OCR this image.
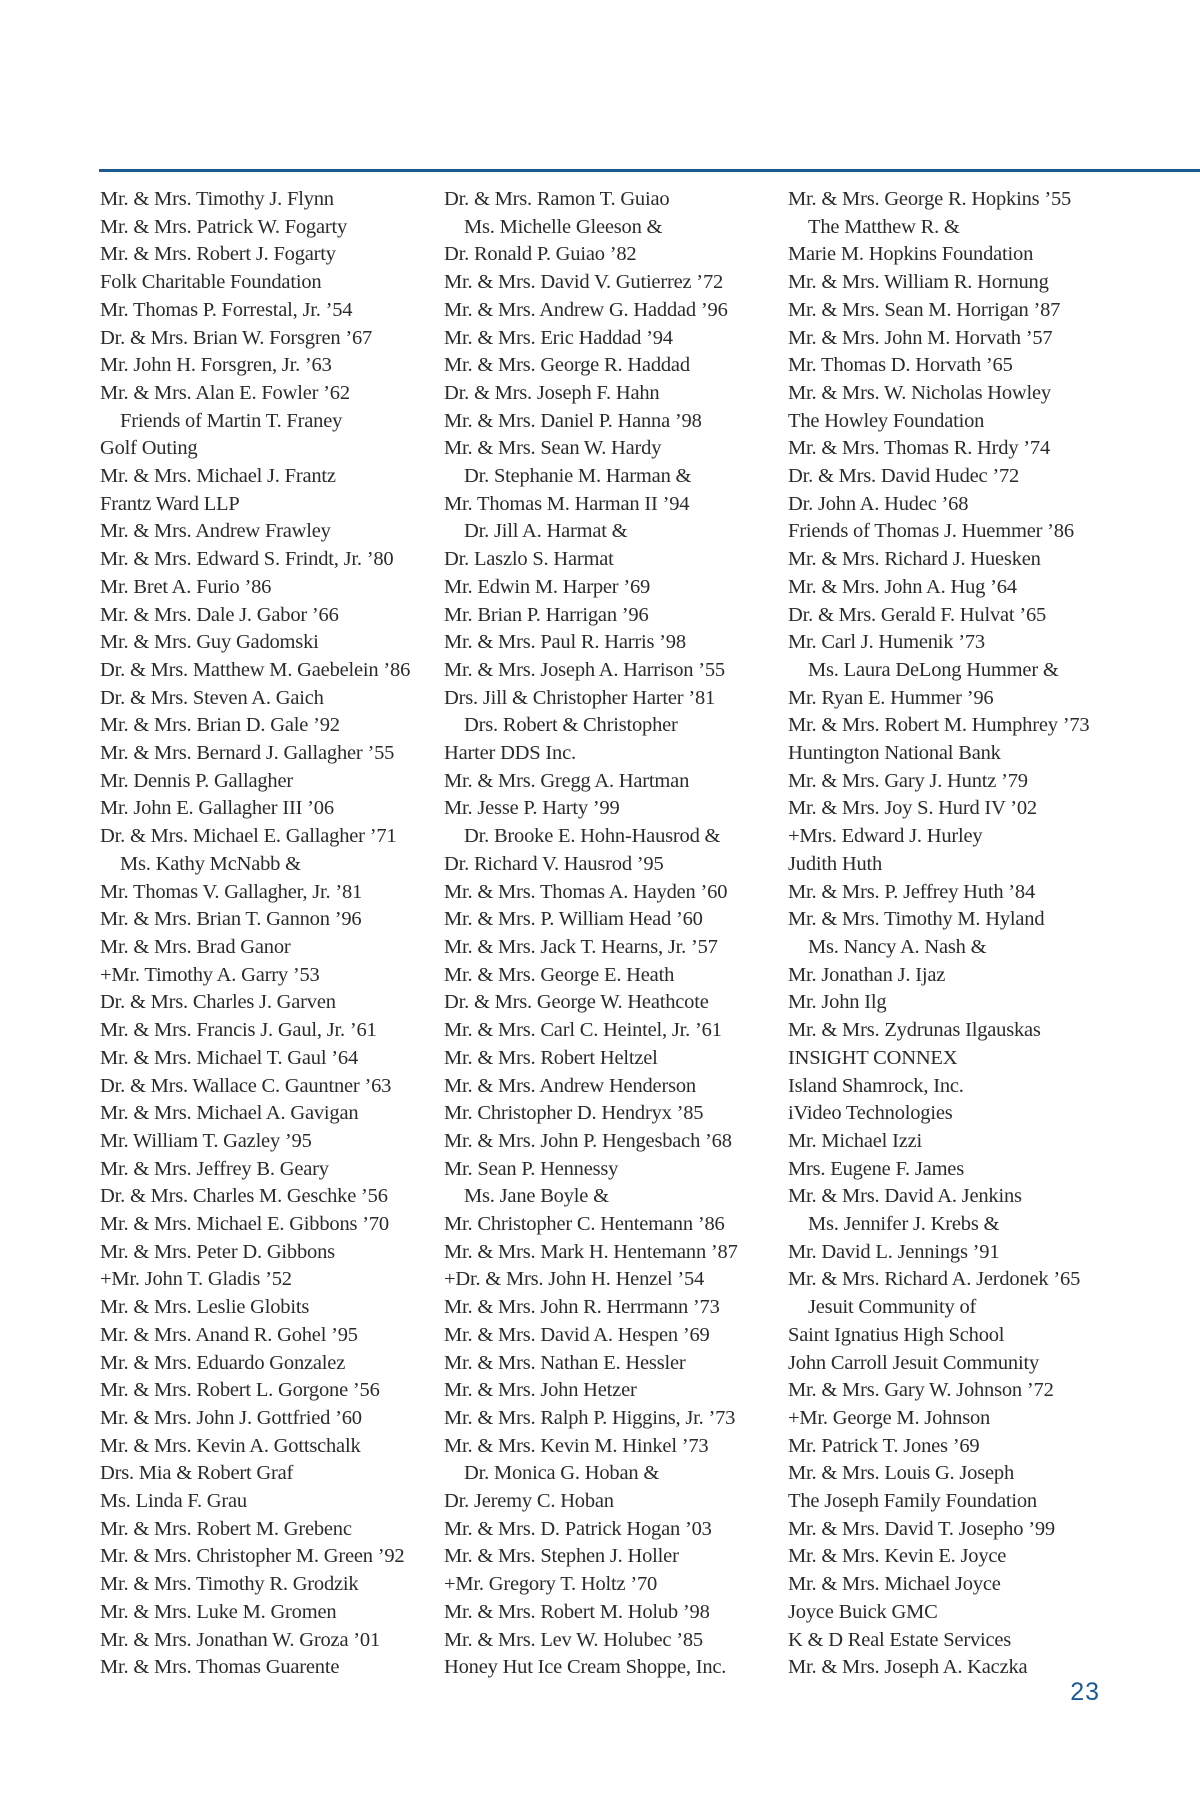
Mr. & Mrs. Timothy J. Flynn
Mr. & Mrs. Patrick W. Fogarty
Mr. & Mrs. Robert J. Fogarty
Folk Charitable Foundation
Mr. Thomas P. Forrestal, Jr. ’54
Dr. & Mrs. Brian W. Forsgren ’67
Mr. John H. Forsgren, Jr. ’63
Mr. & Mrs. Alan E. Fowler ’62
Friends of Martin T. Franey
Golf Outing
Mr. & Mrs. Michael J. Frantz
Frantz Ward LLP
Mr. & Mrs. Andrew Frawley
Mr. & Mrs. Edward S. Frindt, Jr. ’80
Mr. Bret A. Furio ’86
Mr. & Mrs. Dale J. Gabor ’66
Mr. & Mrs. Guy Gadomski
Dr. & Mrs. Matthew M. Gaebelein ’86
Dr. & Mrs. Steven A. Gaich
Mr. & Mrs. Brian D. Gale ’92
Mr. & Mrs. Bernard J. Gallagher ’55
Mr. Dennis P. Gallagher
Mr. John E. Gallagher III ’06
Dr. & Mrs. Michael E. Gallagher ’71
Ms. Kathy McNabb &
Mr. Thomas V. Gallagher, Jr. ’81
Mr. & Mrs. Brian T. Gannon ’96
Mr. & Mrs. Brad Ganor
+Mr. Timothy A. Garry ’53
Dr. & Mrs. Charles J. Garven
Mr. & Mrs. Francis J. Gaul, Jr. ’61
Mr. & Mrs. Michael T. Gaul ’64
Dr. & Mrs. Wallace C. Gauntner ’63
Mr. & Mrs. Michael A. Gavigan
Mr. William T. Gazley ’95
Mr. & Mrs. Jeffrey B. Geary
Dr. & Mrs. Charles M. Geschke ’56
Mr. & Mrs. Michael E. Gibbons ’70
Mr. & Mrs. Peter D. Gibbons
+Mr. John T. Gladis ’52
Mr. & Mrs. Leslie Globits
Mr. & Mrs. Anand R. Gohel ’95
Mr. & Mrs. Eduardo Gonzalez
Mr. & Mrs. Robert L. Gorgone ’56
Mr. & Mrs. John J. Gottfried ’60
Mr. & Mrs. Kevin A. Gottschalk
Drs. Mia & Robert Graf
Ms. Linda F. Grau
Mr. & Mrs. Robert M. Grebenc
Mr. & Mrs. Christopher M. Green ’92
Mr. & Mrs. Timothy R. Grodzik
Mr. & Mrs. Luke M. Gromen
Mr. & Mrs. Jonathan W. Groza ’01
Mr. & Mrs. Thomas Guarente
Dr. & Mrs. Ramon T. Guiao
Ms. Michelle Gleeson &
Dr. Ronald P. Guiao ’82
Mr. & Mrs. David V. Gutierrez ’72
Mr. & Mrs. Andrew G. Haddad ’96
Mr. & Mrs. Eric Haddad ’94
Mr. & Mrs. George R. Haddad
Dr. & Mrs. Joseph F. Hahn
Mr. & Mrs. Daniel P. Hanna ’98
Mr. & Mrs. Sean W. Hardy
Dr. Stephanie M. Harman &
Mr. Thomas M. Harman II ’94
Dr. Jill A. Harmat &
Dr. Laszlo S. Harmat
Mr. Edwin M. Harper ’69
Mr. Brian P. Harrigan ’96
Mr. & Mrs. Paul R. Harris ’98
Mr. & Mrs. Joseph A. Harrison ’55
Drs. Jill & Christopher Harter ’81
Drs. Robert & Christopher
Harter DDS Inc.
Mr. & Mrs. Gregg A. Hartman
Mr. Jesse P. Harty ’99
Dr. Brooke E. Hohn-Hausrod &
Dr. Richard V. Hausrod ’95
Mr. & Mrs. Thomas A. Hayden ’60
Mr. & Mrs. P. William Head ’60
Mr. & Mrs. Jack T. Hearns, Jr. ’57
Mr. & Mrs. George E. Heath
Dr. & Mrs. George W. Heathcote
Mr. & Mrs. Carl C. Heintel, Jr. ’61
Mr. & Mrs. Robert Heltzel
Mr. & Mrs. Andrew Henderson
Mr. Christopher D. Hendryx ’85
Mr. & Mrs. John P. Hengesbach ’68
Mr. Sean P. Hennessy
Ms. Jane Boyle &
Mr. Christopher C. Hentemann ’86
Mr. & Mrs. Mark H. Hentemann ’87
+Dr. & Mrs. John H. Henzel ’54
Mr. & Mrs. John R. Herrmann ’73
Mr. & Mrs. David A. Hespen ’69
Mr. & Mrs. Nathan E. Hessler
Mr. & Mrs. John Hetzer
Mr. & Mrs. Ralph P. Higgins, Jr. ’73
Mr. & Mrs. Kevin M. Hinkel ’73
Dr. Monica G. Hoban &
Dr. Jeremy C. Hoban
Mr. & Mrs. D. Patrick Hogan ’03
Mr. & Mrs. Stephen J. Holler
+Mr. Gregory T. Holtz ’70
Mr. & Mrs. Robert M. Holub ’98
Mr. & Mrs. Lev W. Holubec ’85
Honey Hut Ice Cream Shoppe, Inc.
Mr. & Mrs. George R. Hopkins ’55
The Matthew R. &
Marie M. Hopkins Foundation
Mr. & Mrs. William R. Hornung
Mr. & Mrs. Sean M. Horrigan ’87
Mr. & Mrs. John M. Horvath ’57
Mr. Thomas D. Horvath ’65
Mr. & Mrs. W. Nicholas Howley
The Howley Foundation
Mr. & Mrs. Thomas R. Hrdy ’74
Dr. & Mrs. David Hudec ’72
Dr. John A. Hudec ’68
Friends of Thomas J. Huemmer ’86
Mr. & Mrs. Richard J. Huesken
Mr. & Mrs. John A. Hug ’64
Dr. & Mrs. Gerald F. Hulvat ’65
Mr. Carl J. Humenik ’73
Ms. Laura DeLong Hummer &
Mr. Ryan E. Hummer ’96
Mr. & Mrs. Robert M. Humphrey ’73
Huntington National Bank
Mr. & Mrs. Gary J. Huntz ’79
Mr. & Mrs. Joy S. Hurd IV ’02
+Mrs. Edward J. Hurley
Judith Huth
Mr. & Mrs. P. Jeffrey Huth ’84
Mr. & Mrs. Timothy M. Hyland
Ms. Nancy A. Nash &
Mr. Jonathan J. Ijaz
Mr. John Ilg
Mr. & Mrs. Zydrunas Ilgauskas
INSIGHT CONNEX
Island Shamrock, Inc.
iVideo Technologies
Mr. Michael Izzi
Mrs. Eugene F. James
Mr. & Mrs. David A. Jenkins
Ms. Jennifer J. Krebs &
Mr. David L. Jennings ’91
Mr. & Mrs. Richard A. Jerdonek ’65
Jesuit Community of
Saint Ignatius High School
John Carroll Jesuit Community
Mr. & Mrs. Gary W. Johnson ’72
+Mr. George M. Johnson
Mr. Patrick T. Jones ’69
Mr. & Mrs. Louis G. Joseph
The Joseph Family Foundation
Mr. & Mrs. David T. Josepho ’99
Mr. & Mrs. Kevin E. Joyce
Mr. & Mrs. Michael Joyce
Joyce Buick GMC
K & D Real Estate Services
Mr. & Mrs. Joseph A. Kaczka
23
